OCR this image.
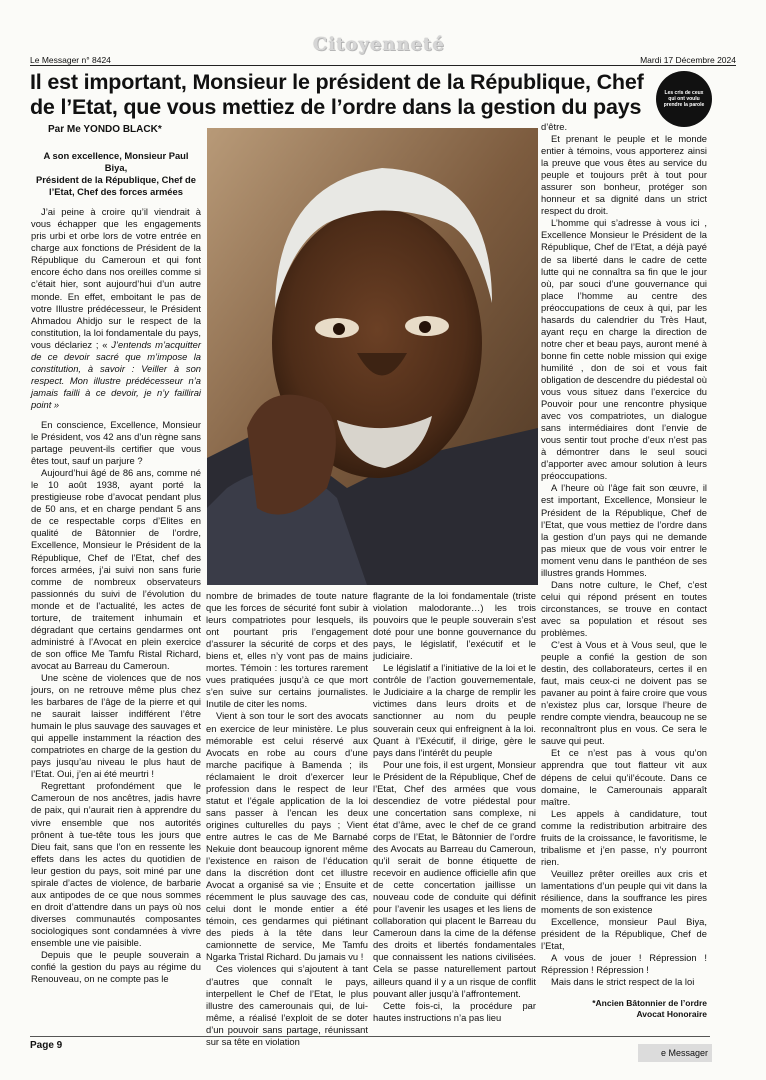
Le Messager n° 8424
Citoyenneté
Mardi 17 Décembre 2024
Il est important, Monsieur le président de la République, Chef de l’Etat, que vous mettiez de l’ordre dans la gestion du pays
Les cris de ceux qui ont voulu prendre la parole
Par Me YONDO BLACK*

A son excellence, Monsieur Paul Biya,

Président de la République, Chef de l’Etat, Chef des forces armées

J’ai peine à croire qu’il viendrait à vous échapper que les engagements pris urbi et orbe lors de votre entrée en charge aux fonctions de Président de la République du Cameroun et qui font encore écho dans nos oreilles comme si c’était hier, sont aujourd’hui d’un autre monde. En effet, emboitant le pas de votre Illustre prédécesseur, le Président Ahmadou Ahidjo sur le respect de la constitution, la loi fondamentale du pays, vous déclariez ; « J’entends m’acquitter de ce devoir sacré que m’impose la constitution, à savoir : Veiller à son respect. Mon illustre prédécesseur n’a jamais failli à ce devoir, je n’y faillirai point »

En conscience, Excellence, Monsieur le Président, vos 42 ans d’un règne sans partage peuvent-ils certifier que vous êtes tout, sauf un parjure ?

Aujourd’hui âgé de 86 ans, comme né le 10 août 1938, ayant porté la prestigieuse robe d’avocat pendant plus de 50 ans, et en charge pendant 5 ans de ce respectable corps d’Elites en qualité de Bâtonnier de l’ordre, Excellence, Monsieur le Président de la République, Chef de l’Etat, chef des forces armées, j’ai suivi non sans furie comme de nombreux observateurs passionnés du suivi de l’évolution du monde et de l’actualité, les actes de torture, de traitement inhumain et dégradant que certains gendarmes ont administré à l’Avocat en plein exercice de son office Me Tamfu Ristal Richard, avocat au Barreau du Cameroun.

Une scène de violences que de nos jours, on ne retrouve même plus chez les barbares de l’âge de la pierre et qui ne saurait laisser indifférent l’être humain le plus sauvage des sauvages et qui appelle instamment la réaction des compatriotes en charge de la gestion du pays jusqu’au niveau le plus haut de l’Etat. Oui, j’en ai été meurtri !

Regrettant profondément que le Cameroun de nos ancêtres, jadis havre de paix, qui n’aurait rien à apprendre du vivre ensemble que nos autorités prônent à tue-tête tous les jours que Dieu fait, sans que l’on en ressente les effets dans les actes du quotidien de leur gestion du pays, soit miné par une spirale d’actes de violence, de barbarie aux antipodes de ce que nous sommes en droit d’attendre dans un pays où nos diverses communautés composantes sociologiques sont condamnées à vivre ensemble une vie paisible.

Depuis que le peuple souverain a confié la gestion du pays au régime du Renouveau, on ne compte pas le

nombre de brimades de toute nature que les forces de sécurité font subir à leurs compatriotes pour lesquels, ils ont pourtant pris l’engagement d’assurer la sécurité de corps et des biens et, elles n’y vont pas de mains mortes. Témoin : les tortures rarement vues pratiquées jusqu’à ce que mort s’en suive sur certains journalistes. Inutile de citer les noms.

Vient à son tour le sort des avocats en exercice de leur ministère. Le plus mémorable est celui réservé aux Avocats en robe au cours d’une marche pacifique à Bamenda ; ils réclamaient le droit d’exercer leur profession dans le respect de leur statut et l’égale application de la loi sans passer à l’encan les deux origines culturelles du pays ; Vient entre autres le cas de Me Barnabé Nekuie dont beaucoup ignorent même l’existence en raison de l’éducation dans la discrétion dont cet illustre Avocat a organisé sa vie ; Ensuite et récemment le plus sauvage des cas, celui dont le monde entier a été témoin, ces gendarmes qui piétinant des pieds à la tête dans leur camionnette de service, Me Tamfu Ngarka Tristal Richard. Du jamais vu !

Ces violences qui s’ajoutent à tant d’autres que connaît le pays, interpellent le Chef de l’Etat, le plus illustre des camerounais qui, de lui-même, a réalisé l’exploit de se doter d’un pouvoir sans partage, réunissant sur sa tête en violation

flagrante de la loi fondamentale (triste violation malodorante…) les trois pouvoirs que le peuple souverain s’est doté pour une bonne gouvernance du pays, le législatif, l’exécutif et le judiciaire.

Le législatif a l’initiative de la loi et le contrôle de l’action gouvernementale, le Judiciaire a la charge de remplir les victimes dans leurs droits et de sanctionner au nom du peuple souverain ceux qui enfreignent à la loi. Quant à l’Exécutif, il dirige, gère le pays dans l’intérêt du peuple

Pour une fois, il est urgent, Monsieur le Président de la République, Chef de l’Etat, Chef des armées que vous descendiez de votre piédestal pour une concertation sans complexe, ni état d’âme, avec le chef de ce grand corps de l’Etat, le Bâtonnier de l’ordre des Avocats au Barreau du Cameroun, qu’il serait de bonne étiquette de recevoir en audience officielle afin que de cette concertation jaillisse un nouveau code de conduite qui définit pour l’avenir les usages et les liens de collaboration qui placent le Barreau du Cameroun dans la cime de la défense des droits et libertés fondamentales que connaissent les nations civilisées. Cela se passe naturellement partout ailleurs quand il y a un risque de conflit pouvant aller jusqu’à l’affrontement.

Cette fois-ci, la procédure par hautes instructions n’a pas lieu

d’être.

Et prenant le peuple et le monde entier à témoins, vous apporterez ainsi la preuve que vous êtes au service du peuple et toujours prêt à tout pour assurer son bonheur, protéger son honneur et sa dignité dans un strict respect du droit.

L’homme qui s’adresse à vous ici , Excellence Monsieur le Président de la République, Chef de l’Etat, a déjà payé de sa liberté dans le cadre de cette lutte qui ne connaîtra sa fin que le jour où, par souci d’une gouvernance qui place l’homme au centre des préoccupations de ceux à qui, par les hasards du calendrier du Très Haut, ayant reçu en charge la direction de notre cher et beau pays, auront mené à bonne fin cette noble mission qui exige humilité , don de soi et vous fait obligation de descendre du piédestal où vous vous situez dans l’exercice du Pouvoir pour une rencontre physique avec vos compatriotes, un dialogue sans intermédiaires dont l’envie de vous sentir tout proche d’eux n’est pas à démontrer dans le seul souci d’apporter avec amour solution à leurs préoccupations.

A l’heure où l’âge fait son œuvre, il est important, Excellence, Monsieur le Président de la République, Chef de l’Etat, que vous mettiez de l’ordre dans la gestion d’un pays qui ne demande pas mieux que de vous voir entrer le moment venu dans le panthéon de ses illustres grands Hommes.

Dans notre culture, le Chef, c’est celui qui répond présent en toutes circonstances, se trouve en contact avec sa population et résout ses problèmes.

C’est à Vous et à Vous seul, que le peuple a confié la gestion de son destin, des collaborateurs, certes il en faut, mais ceux-ci ne doivent pas se pavaner au point à faire croire que vous n’existez plus car, lorsque l’heure de rendre compte viendra, beaucoup ne se reconnaîtront plus en vous. Ce sera le sauve qui peut.

Et ce n’est pas à vous qu’on apprendra que tout flatteur vit aux dépens de celui qu’il’écoute. Dans ce domaine, le Camerounais apparaît maître.

Les appels à candidature, tout comme la redistribution arbitraire des fruits de la croissance, le favoritisme, le tribalisme et j’en passe, n’y pourront rien.

Veuillez prêter oreilles aux cris et lamentations d’un peuple qui vit dans la résilience, dans la souffrance les pires moments de son existence

Excellence, monsieur Paul Biya, président de la République, Chef de l’Etat,

A vous de jouer ! Répression ! Répression ! Répression !

Mais dans le strict respect de la loi

*Ancien Bâtonnier de l’ordre

Avocat Honoraire

Page 9
e Messager
